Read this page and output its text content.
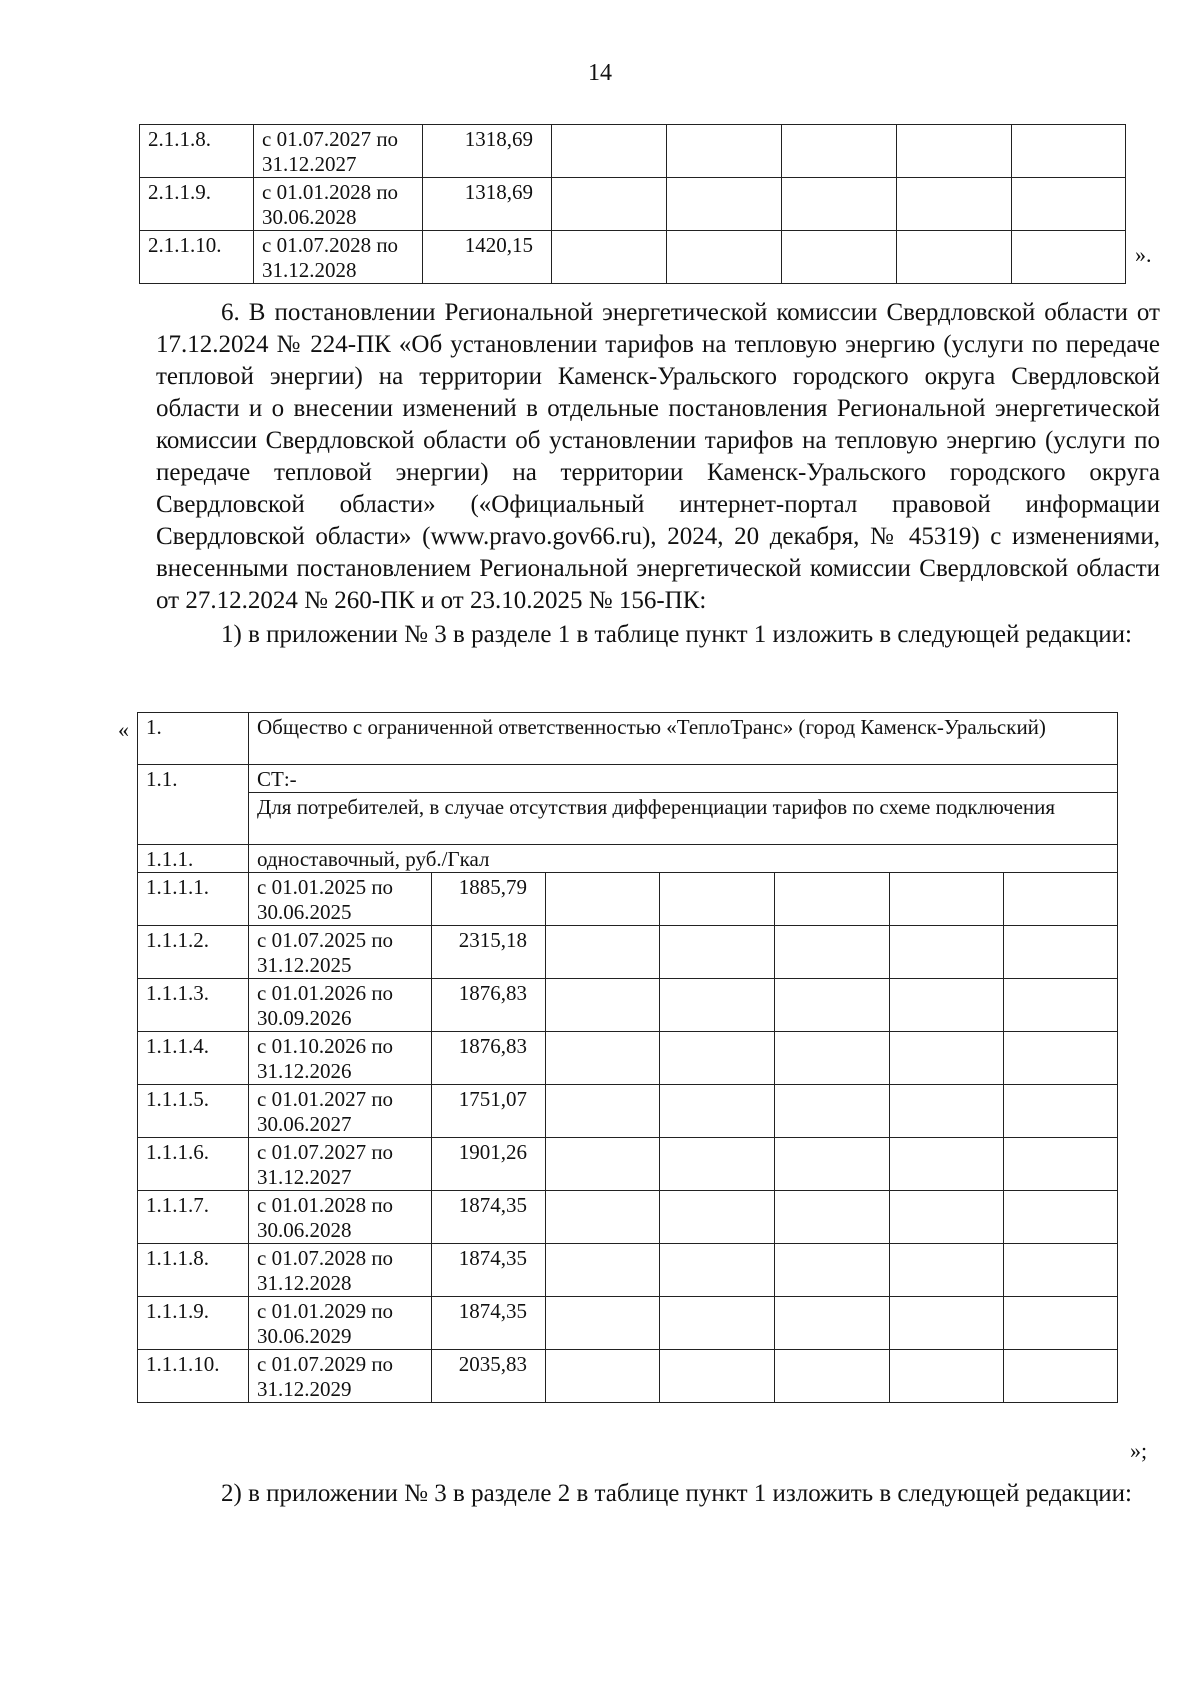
14
2.1.1.8.	с 01.07.2027 по 31.12.2027	1318,69					
2.1.1.9.	с 01.01.2028 по 30.06.2028	1318,69					
2.1.1.10.	с 01.07.2028 по 31.12.2028	1420,15						».

6. В постановлении Региональной энергетической комиссии Свердловской области от 17.12.2024 № 224-ПК «Об установлении тарифов на тепловую энергию (услуги по передаче тепловой энергии) на территории Каменск-Уральского городского округа Свердловской области и о внесении изменений в отдельные постановления Региональной энергетической комиссии Свердловской области об установлении тарифов на тепловую энергию (услуги по передаче тепловой энергии) на территории Каменск-Уральского городского округа Свердловской области» («Официальный интернет-портал правовой информации Свердловской области» (www.pravo.gov66.ru), 2024, 20 декабря, № 45319) с изменениями, внесенными постановлением Региональной энергетической комиссии Свердловской области от 27.12.2024 № 260-ПК и от 23.10.2025 № 156-ПК:

1) в приложении № 3 в разделе 1 в таблице пункт 1 изложить в следующей редакции:

« 1.	Общество с ограниченной ответственностью «ТеплоТранс» (город Каменск-Уральский)						
1.1.	СТ:-						
	Для потребителей, в случае отсутствия дифференциации тарифов по схеме подключения						
1.1.1.	одноставочный, руб./Гкал						
1.1.1.1.	с 01.01.2025 по 30.06.2025	1885,79					
1.1.1.2.	с 01.07.2025 по 31.12.2025	2315,18					
1.1.1.3.	с 01.01.2026 по 30.09.2026	1876,83					
1.1.1.4.	с 01.10.2026 по 31.12.2026	1876,83					
1.1.1.5.	с 01.01.2027 по 30.06.2027	1751,07					
1.1.1.6.	с 01.07.2027 по 31.12.2027	1901,26					
1.1.1.7.	с 01.01.2028 по 30.06.2028	1874,35					
1.1.1.8.	с 01.07.2028 по 31.12.2028	1874,35					
1.1.1.9.	с 01.01.2029 по 30.06.2029	1874,35					
1.1.1.10.	с 01.07.2029 по 31.12.2029	2035,83					
»;

2) в приложении № 3 в разделе 2 в таблице пункт 1 изложить в следующей редакции:
